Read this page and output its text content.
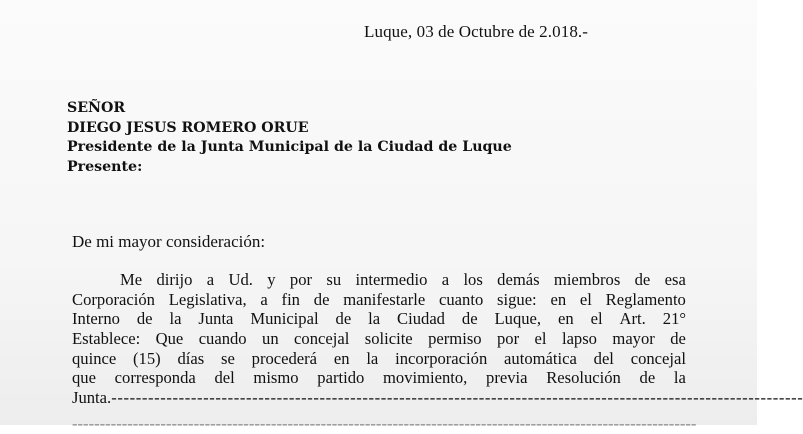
Luque, 03 de Octubre de 2.018.-
SEÑOR
DIEGO JESUS ROMERO ORUE
Presidente de la Junta Municipal de la Ciudad de Luque
Presente:
De mi mayor consideración:
Me dirijo a Ud. y por su intermedio a los demás miembros de esa
Corporación Legislativa, a fin de manifestarle cuanto sigue: en el Reglamento
Interno de la Junta Municipal de la Ciudad de Luque, en el Art. 21°
Establece: Que cuando un concejal solicite permiso por el lapso mayor de
quince (15) días se procederá en la incorporación automática del concejal
que corresponda del mismo partido movimiento, previa Resolución de la
Junta. -----------------------------------------------------------------------------------------------------------------
-----------------------------------------------------------------------------------------------------------------
